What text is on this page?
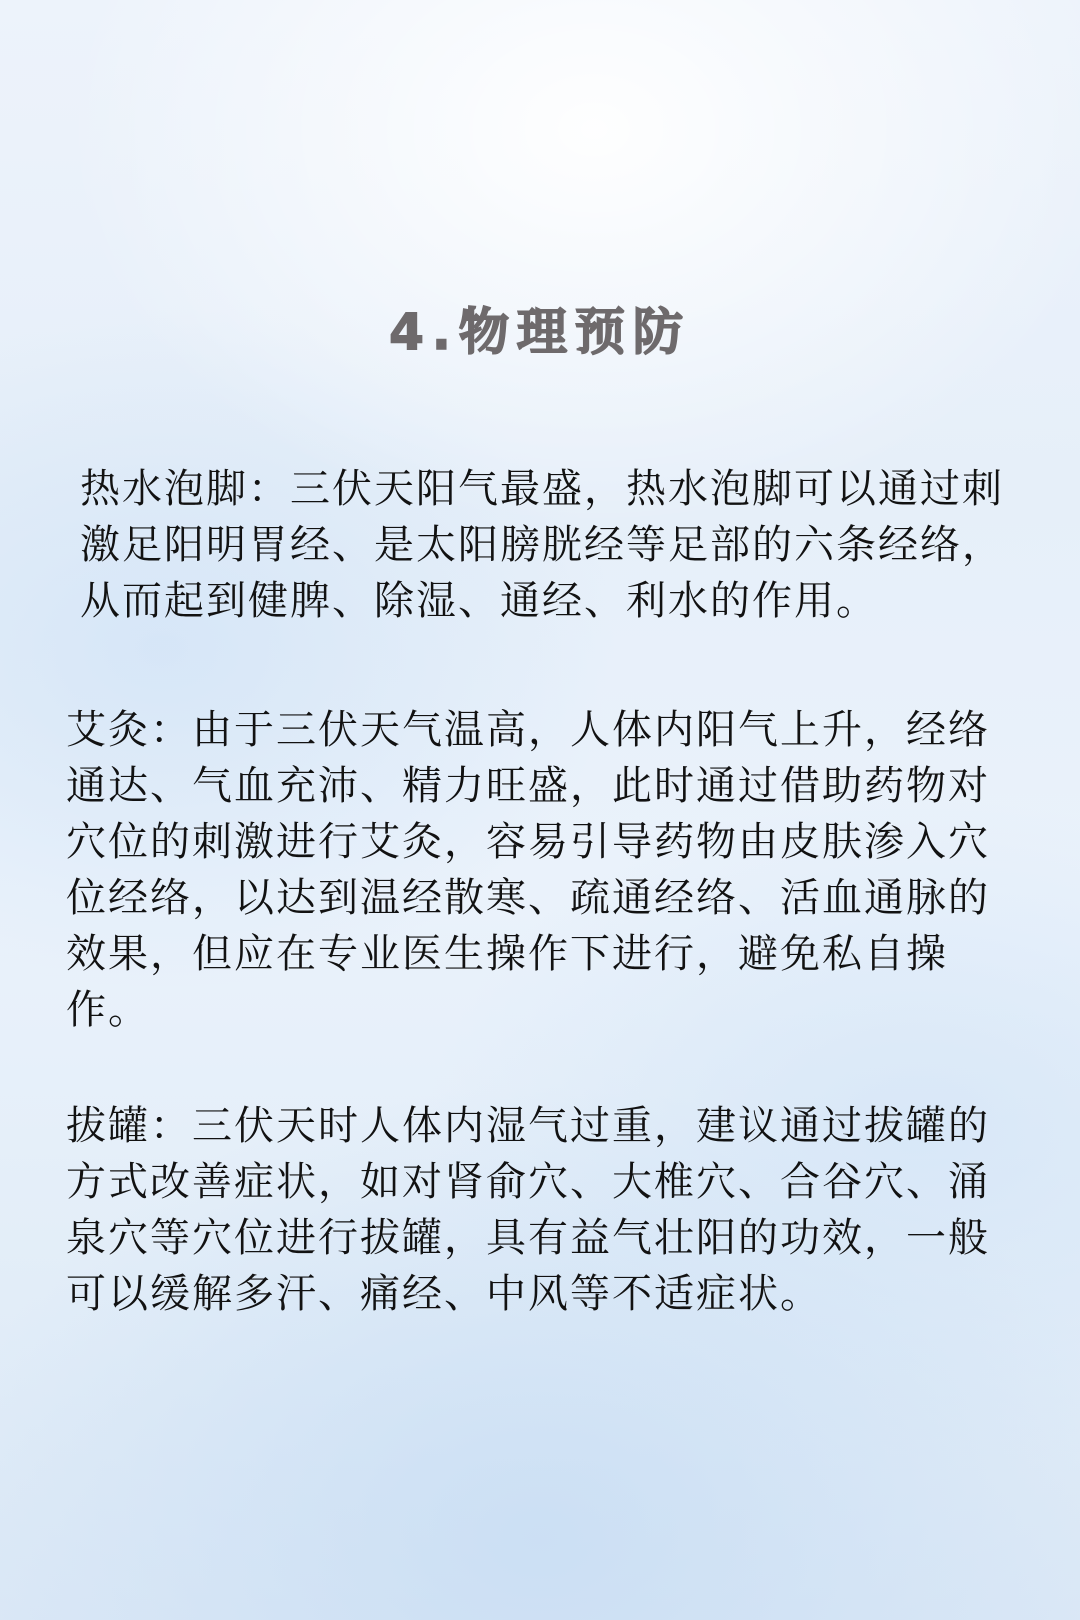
4.物理预防

热水泡脚：三伏天阳气最盛，热水泡脚可以通过刺激足阳明胃经、是太阳膀胱经等足部的六条经络，从而起到健脾、除湿、通经、利水的作用。

艾灸：由于三伏天气温高，人体内阳气上升，经络通达、气血充沛、精力旺盛，此时通过借助药物对穴位的刺激进行艾灸，容易引导药物由皮肤渗入穴位经络，以达到温经散寒、疏通经络、活血通脉的效果，但应在专业医生操作下进行，避免私自操作。

拔罐：三伏天时人体内湿气过重，建议通过拔罐的方式改善症状，如对肾俞穴、大椎穴、合谷穴、涌泉穴等穴位进行拔罐，具有益气壮阳的功效，一般可以缓解多汗、痛经、中风等不适症状。
